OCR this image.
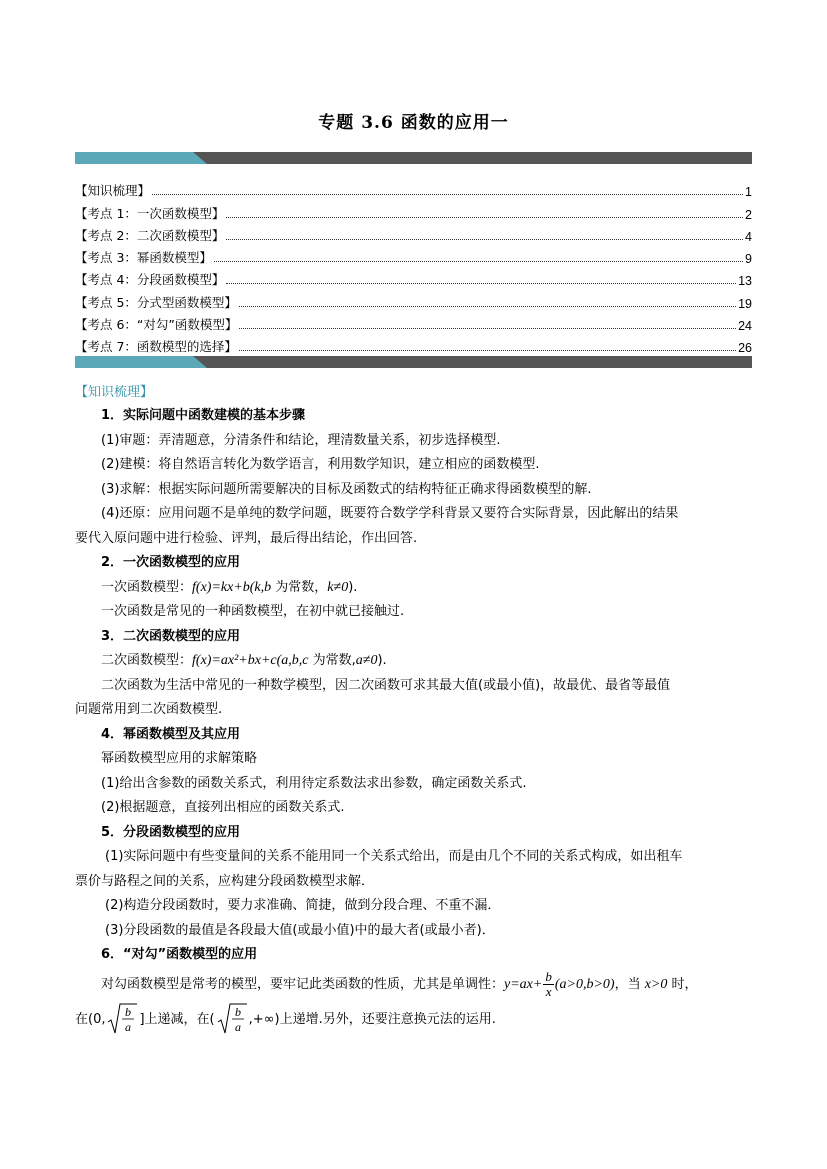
专题 3.6 函数的应用一
【知识梳理】	1
【考点 1：一次函数模型】	2
【考点 2：二次函数模型】	4
【考点 3：幂函数模型】	9
【考点 4：分段函数模型】	13
【考点 5：分式型函数模型】	19
【考点 6：“对勾”函数模型】	24
【考点 7：函数模型的选择】	26
【知识梳理】

1．实际问题中函数建模的基本步骤

(1)审题：弄清题意，分清条件和结论，理清数量关系，初步选择模型.

(2)建模：将自然语言转化为数学语言，利用数学知识，建立相应的函数模型.

(3)求解：根据实际问题所需要解决的目标及函数式的结构特征正确求得函数模型的解.

(4)还原：应用问题不是单纯的数学问题，既要符合数学学科背景又要符合实际背景，因此解出的结果

要代入原问题中进行检验、评判，最后得出结论，作出回答.

2．一次函数模型的应用

一次函数模型：f(x)=kx+b(k,b 为常数，k≠0).

一次函数是常见的一种函数模型，在初中就已接触过.

3．二次函数模型的应用

二次函数模型：f(x)=ax²+bx+c(a,b,c 为常数,a≠0).

二次函数为生活中常见的一种数学模型，因二次函数可求其最大值(或最小值)，故最优、最省等最值

问题常用到二次函数模型.

4．幂函数模型及其应用

幂函数模型应用的求解策略

(1)给出含参数的函数关系式，利用待定系数法求出参数，确定函数关系式.

(2)根据题意，直接列出相应的函数关系式.

5．分段函数模型的应用

(1)实际问题中有些变量间的关系不能用同一个关系式给出，而是由几个不同的关系式构成，如出租车

票价与路程之间的关系，应构建分段函数模型求解．

(2)构造分段函数时，要力求准确、简捷，做到分段合理、不重不漏．

(3)分段函数的最值是各段最大值(或最小值)中的最大者(或最小者)．

6．“对勾”函数模型的应用

对勾函数模型是常考的模型，要牢记此类函数的性质，尤其是单调性：$y=ax+ \frac{b}{x} (a>0,b>0)$，当 x>0 时，

在(0, b
a
]上递减，在( b
a
,+∞)上递增.另外，还要注意换元法的运用.
